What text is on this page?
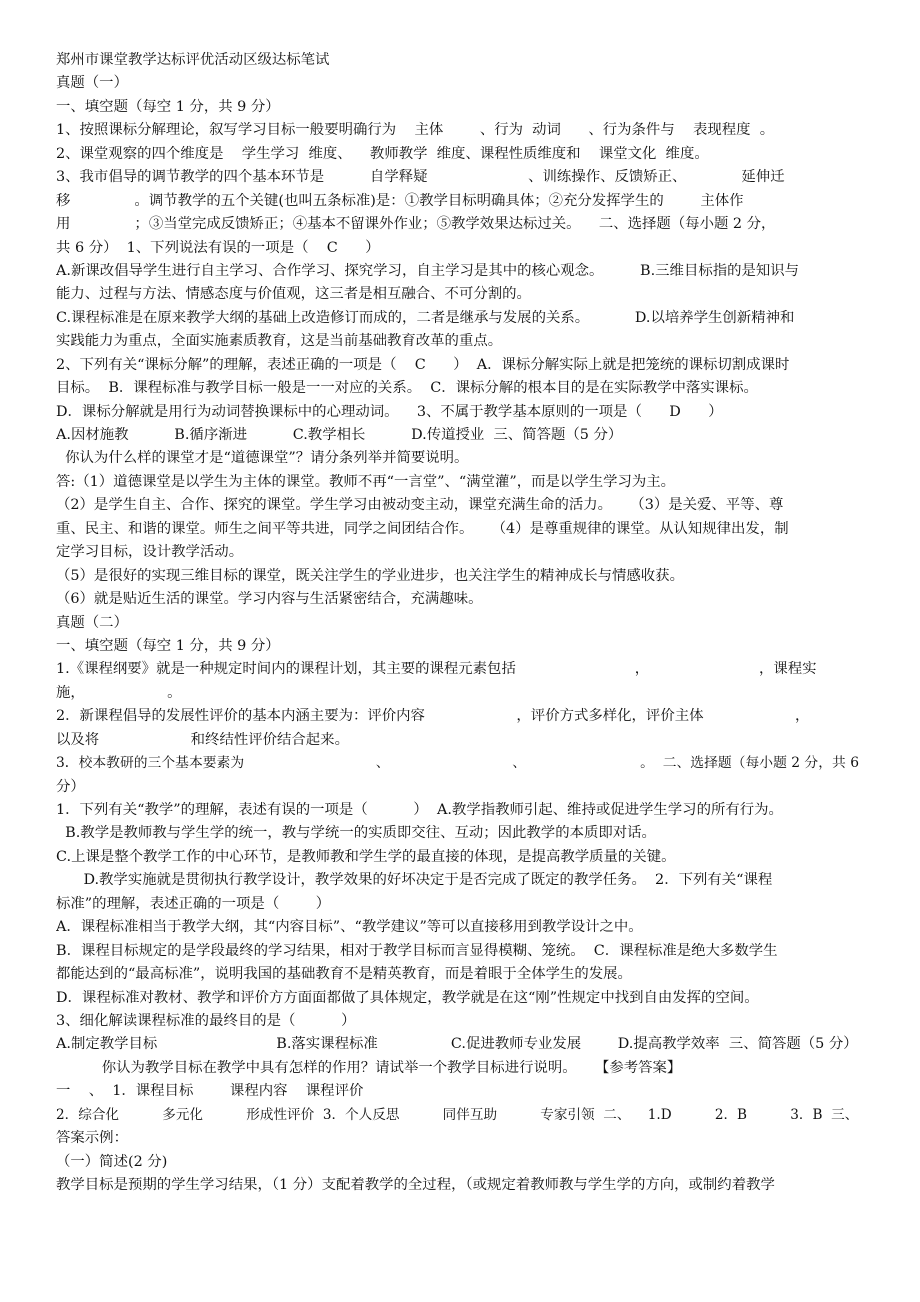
郑州市课堂教学达标评优活动区级达标笔试
真题（一）
一、填空题（每空 1 分，共 9 分）
1、按照课标分解理论，叙写学习目标一般要明确行为    主体        、行为  动词      、行为条件与    表现程度  。
2、课堂观察的四个维度是    学生学习  维度、    教师教学  维度、课程性质维度和    课堂文化  维度。
3、我市倡导的调节教学的四个基本环节是          自学释疑                      、训练操作、反馈矫正、            延伸迁
移              。调节教学的五个关键(也叫五条标准)是：①教学目标明确具体；②充分发挥学生的        主体作
用              ；③当堂完成反馈矫正；④基本不留课外作业；⑤教学效果达标过关。    二、选择题（每小题 2 分，
共 6 分）  1、下列说法有误的一项是（    C      ）
A.新课改倡导学生进行自主学习、合作学习、探究学习，自主学习是其中的核心观念。        B.三维目标指的是知识与
能力、过程与方法、情感态度与价值观，这三者是相互融合、不可分割的。
C.课程标准是在原来教学大纲的基础上改造修订而成的，二者是继承与发展的关系。          D.以培养学生创新精神和
实践能力为重点，全面实施素质教育，这是当前基础教育改革的重点。
2、下列有关“课标分解”的理解，表述正确的一项是（    C      ）  A．课标分解实际上就是把笼统的课标切割成课时
目标。  B．课程标准与教学目标一般是一一对应的关系。  C．课标分解的根本目的是在实际教学中落实课标。
D．课标分解就是用行为动词替换课标中的心理动词。    3、不属于教学基本原则的一项是（      D      ）
A.因材施教          B.循序渐进          C.教学相长          D.传道授业  三、简答题（5 分）
你认为什么样的课堂才是“道德课堂”？请分条列举并简要说明。
答:（1）道德课堂是以学生为主体的课堂。教师不再“一言堂”、“满堂灌”，而是以学生学习为主。
（2）是学生自主、合作、探究的课堂。学生学习由被动变主动，课堂充满生命的活力。    （3）是关爱、平等、尊
重、民主、和谐的课堂。师生之间平等共进，同学之间团结合作。    （4）是尊重规律的课堂。从认知规律出发，制
定学习目标，设计教学活动。
（5）是很好的实现三维目标的课堂，既关注学生的学业进步，也关注学生的精神成长与情感收获。
（6）就是贴近生活的课堂。学习内容与生活紧密结合，充满趣味。
真题（二）
一、填空题（每空 1 分，共 9 分）
1.《课程纲要》就是一种规定时间内的课程计划，其主要的课程元素包括                          ，                        ，课程实
施，                  。
2．新课程倡导的发展性评价的基本内涵主要为：评价内容                    ，评价方式多样化，评价主体                    ，
以及将                    和终结性评价结合起来。
3．校本教研的三个基本要素为                              、                            、                          。  二、选择题（每小题 2 分，共 6
分）
1．下列有关“教学”的理解，表述有误的一项是（          ）  A.教学指教师引起、维持或促进学生学习的所有行为。
B.教学是教师教与学生学的统一，教与学统一的实质即交往、互动；因此教学的本质即对话。
C.上课是整个教学工作的中心环节，是教师教和学生学的最直接的体现，是提高教学质量的关键。
D.教学实施就是贯彻执行教学设计，教学效果的好坏决定于是否完成了既定的教学任务。  2．下列有关“课程
标准”的理解，表述正确的一项是（        ）
A．课程标准相当于教学大纲，其“内容目标”、“教学建议”等可以直接移用到教学设计之中。
B．课程目标规定的是学段最终的学习结果，相对于教学目标而言显得模糊、笼统。  C．课程标准是绝大多数学生
都能达到的“最高标准”，说明我国的基础教育不是精英教育，而是着眼于全体学生的发展。
D．课程标准对教材、教学和评价方方面面都做了具体规定，教学就是在这“刚”性规定中找到自由发挥的空间。
3、细化解读课程标准的最终目的是（          ）
A.制定教学目标                          B.落实课程标准                C.促进教师专业发展        D.提高教学效率  三、简答题（5 分）
你认为教学目标在教学中具有怎样的作用？请试举一个教学目标进行说明。    【参考答案】
一    、  1．课程目标        课程内容    课程评价
2．综合化          多元化          形成性评价  3．个人反思          同伴互助          专家引领  二、    1.D          2．B          3．B  三、
答案示例：
（一）简述(2 分)
教学目标是预期的学生学习结果，（1 分）支配着教学的全过程，（或规定着教师教与学生学的方向，或制约着教学
